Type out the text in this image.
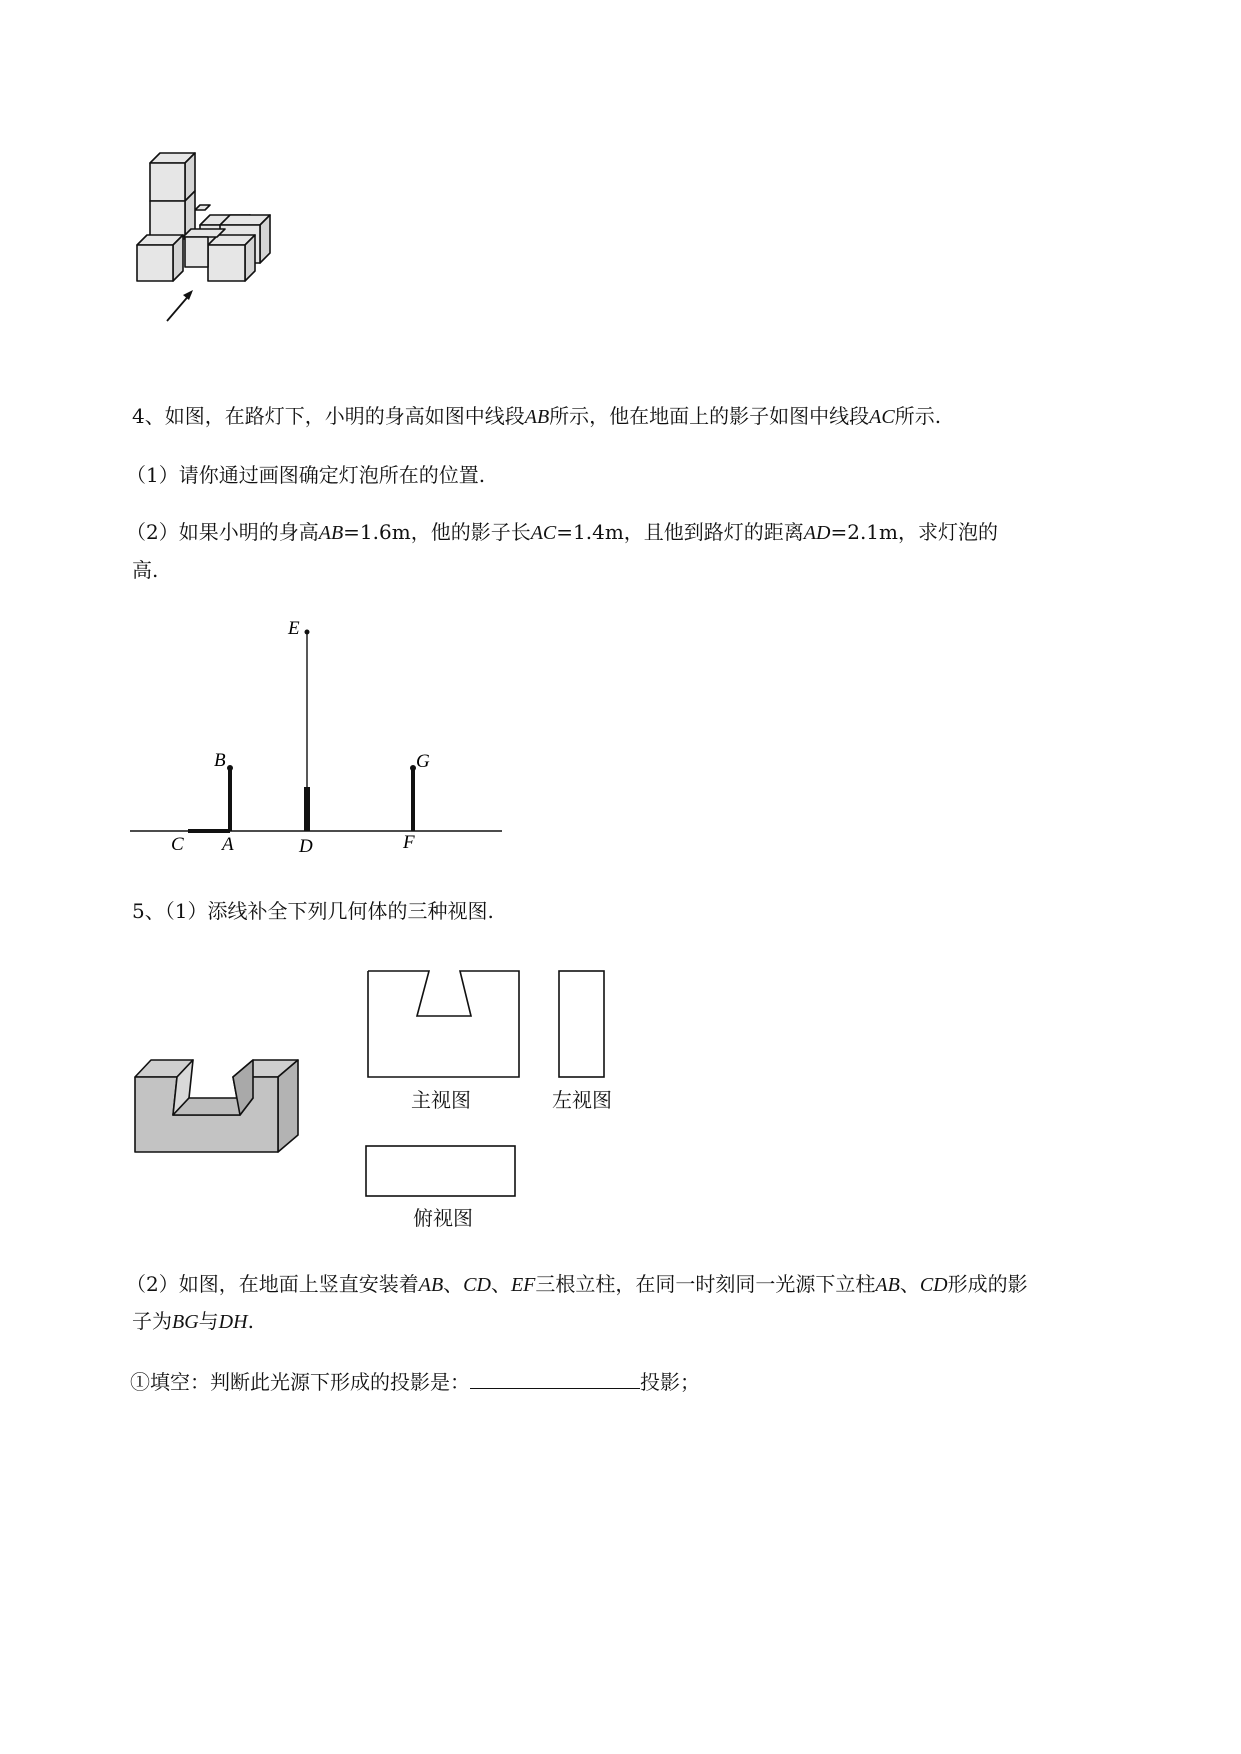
4、如图，在路灯下，小明的身高如图中线段AB所示，他在地面上的影子如图中线段AC所示.
（1）请你通过画图确定灯泡所在的位置.
（2）如果小明的身高AB=1.6m，他的影子长AC=1.4m，且他到路灯的距离AD=2.1m，求灯泡的
高.
E
B	G
C A	D	F
5、（1）添线补全下列几何体的三种视图.
主视图	左视图
俯视图
（2）如图，在地面上竖直安装着AB、CD、EF三根立柱，在同一时刻同一光源下立柱AB、CD形成的影
子为BG与DH.
①填空：判断此光源下形成的投影是：	投影；
